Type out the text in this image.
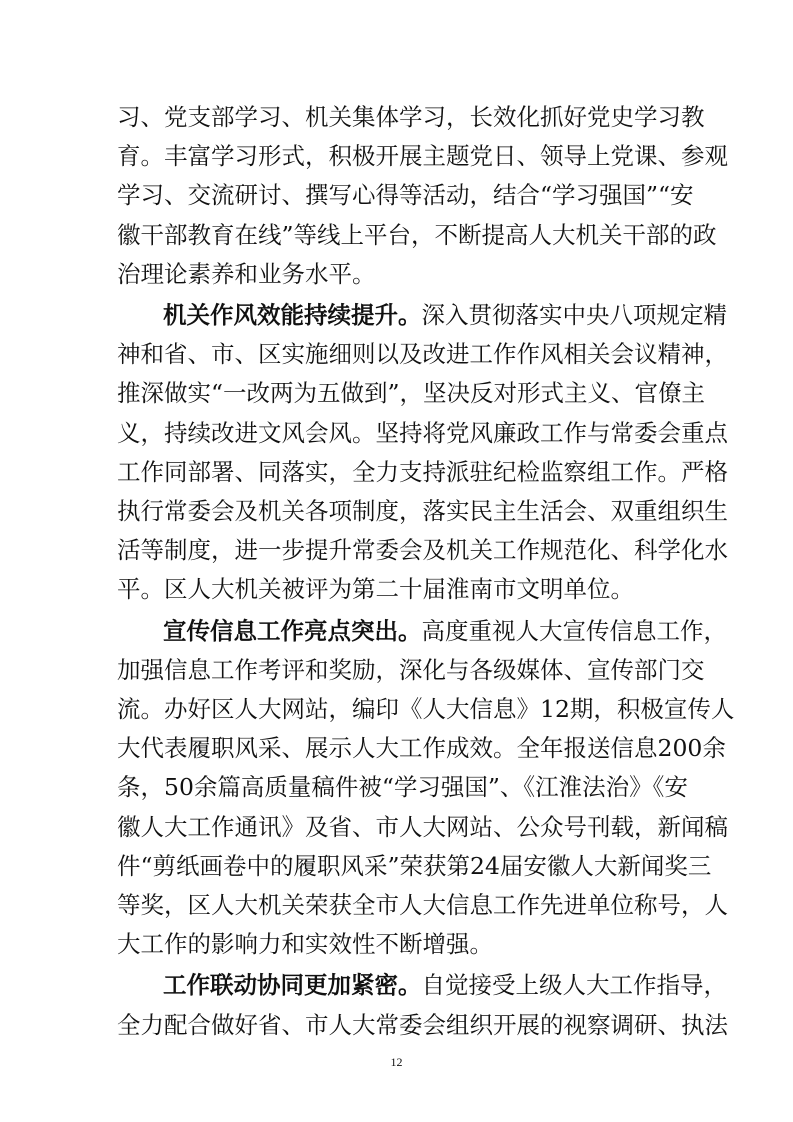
习、党支部学习、机关集体学习，长效化抓好党史学习教
育。丰富学习形式，积极开展主题党日、领导上党课、参观
学习、交流研讨、撰写心得等活动，结合“学习强国”“安
徽干部教育在线”等线上平台，不断提高人大机关干部的政
治理论素养和业务水平。
机关作风效能持续提升。深入贯彻落实中央八项规定精
神和省、市、区实施细则以及改进工作作风相关会议精神，
推深做实“一改两为五做到”，坚决反对形式主义、官僚主
义，持续改进文风会风。坚持将党风廉政工作与常委会重点
工作同部署、同落实，全力支持派驻纪检监察组工作。严格
执行常委会及机关各项制度，落实民主生活会、双重组织生
活等制度，进一步提升常委会及机关工作规范化、科学化水
平。区人大机关被评为第二十届淮南市文明单位。
宣传信息工作亮点突出。高度重视人大宣传信息工作，
加强信息工作考评和奖励，深化与各级媒体、宣传部门交
流。办好区人大网站，编印《人大信息》12期，积极宣传人
大代表履职风采、展示人大工作成效。全年报送信息200余
条，50余篇高质量稿件被“学习强国”、《江淮法治》《安
徽人大工作通讯》及省、市人大网站、公众号刊载，新闻稿
件“剪纸画卷中的履职风采”荣获第24届安徽人大新闻奖三
等奖，区人大机关荣获全市人大信息工作先进单位称号，人
大工作的影响力和实效性不断增强。
工作联动协同更加紧密。自觉接受上级人大工作指导，
全力配合做好省、市人大常委会组织开展的视察调研、执法
12
